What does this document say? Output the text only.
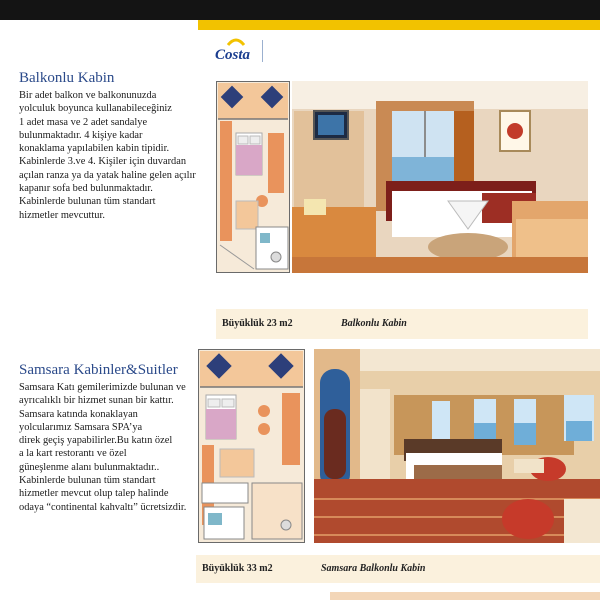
Costa
Balkonlu Kabin
Bir adet balkon ve balkonunuzda
yolculuk boyunca kullanabileceğiniz
1 adet masa ve 2 adet sandalye
bulunmaktadır. 4 kişiye kadar
konaklama yapılabilen kabin tipidir.
Kabinlerde 3.ve 4. Kişiler için duvardan
açılan ranza ya da yatak haline gelen açılır
kapanır sofa bed bulunmaktadır.
Kabinlerde bulunan tüm standart
hizmetler mevcuttur.
Büyüklük 23 m2	Balkonlu Kabin
Samsara Kabinler&Suitler
Samsara Katı gemilerimizde bulunan ve
ayrıcalıklı bir hizmet sunan bir kattır.
Samsara katında konaklayan
yolcularımız Samsara SPA’ya
direk geçiş yapabilirler.Bu katın özel
a la kart restorantı ve özel
güneşlenme alanı bulunmaktadır..
Kabinlerde bulunan tüm standart
hizmetler mevcut olup talep halinde
odaya “continental kahvaltı” ücretsizdir.
Büyüklük 33 m2	Samsara Balkonlu Kabin
